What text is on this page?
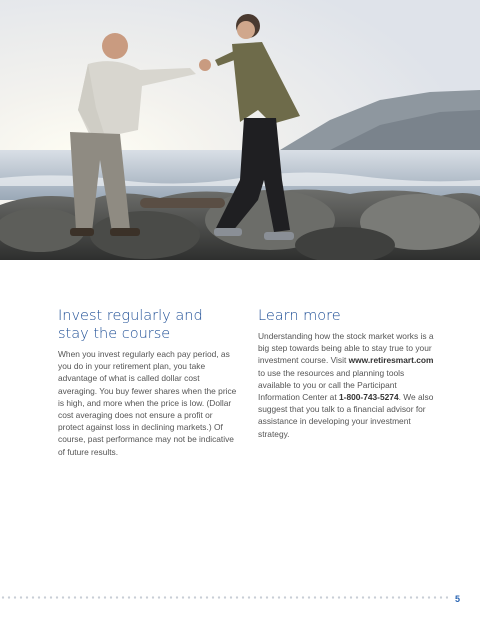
Invest regularly and
stay the course

When you invest regularly each pay period, as you do in your retirement plan, you take advantage of what is called dollar cost averaging. You buy fewer shares when the price is high, and more when the price is low. (Dollar cost averaging does not ensure a profit or protect against loss in declining markets.) Of course, past performance may not be indicative of future results.

Learn more

Understanding how the stock market works is a big step towards being able to stay true to your investment course. Visit www.retiresmart.com to use the resources and planning tools available to you or call the Participant Information Center at 1-800-743-5274. We also suggest that you talk to a financial advisor for assistance in developing your investment strategy.

5
